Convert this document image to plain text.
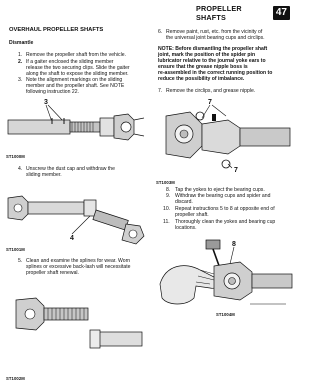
PROPELLER SHAFTS	47
OVERHAUL PROPELLER SHAFTS
Dismantle
1. Remove the propeller shaft from the vehicle.
2. If a gaiter enclosed the sliding member
release the two securing clips. Slide the gaiter
along the shaft to expose the sliding member.
3. Note the alignment markings on the sliding
member and the propeller shaft. See NOTE
following instruction 22.
3
ST1000M
4. Unscrew the dust cap and withdraw the
sliding member.
4
ST1001M
5. Clean and examine the splines for wear. Worn
splines or excessive back-lash will necessitate
propeller shaft renewal.
ST1002M
6. Remove paint, rust, etc. from the vicinity of
the universal joint bearing cups and circlips.
NOTE: Before dismantling the propeller shaft
joint, mark the position of the spider pin
lubricator relative to the journal yoke ears to
ensure that the grease nipple boss is
re-assembled in the correct running position to
reduce the possibility of imbalance.
7. Remove the circlips, and grease nipple.
7
7
ST1003M
8. Tap the yokes to eject the bearing cups.
9. Withdraw the bearing cups and spider and
discard.
10. Repeat instructions 5 to 8 at opposite end of
propeller shaft.
11. Thoroughly clean the yokes and bearing cup
locations.
8
ST1004M
